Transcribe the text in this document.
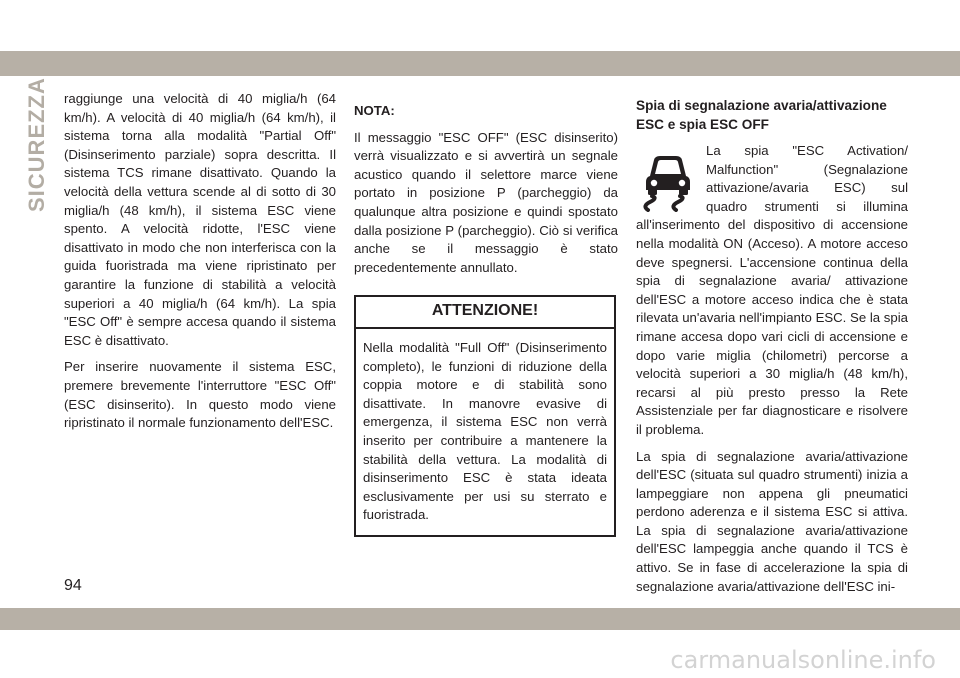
SICUREZZA raggiunge una velocità di 40 miglia/h (64 km/h). A velocità di 40 miglia/h (64 km/h), il sistema torna alla modalità "Partial Off" (Disinserimento parziale) sopra descritta. Il sistema TCS rimane disattivato. Quando la velocità della vettura scende al di sotto di 30 miglia/h (48 km/h), il sistema ESC viene spento. A velocità ridotte, l'ESC viene disattivato in modo che non interferisca con la guida fuoristrada ma viene ripristinato per garantire la funzione di stabilità a velocità superiori a 40 miglia/h (64 km/h). La spia "ESC Off" è sempre accesa quando il sistema ESC è disattivato.

Per inserire nuovamente il sistema ESC, premere brevemente l'interruttore "ESC Off" (ESC disinserito). In questo modo viene ripristinato il normale funzionamento dell'ESC.

NOTA:

Il messaggio "ESC OFF" (ESC disinserito) verrà visualizzato e si avvertirà un segnale acustico quando il selettore marce viene portato in posizione P (parcheggio) da qualunque altra posizione e quindi spostato dalla posizione P (parcheggio). Ciò si verifica anche se il messaggio è stato precedentemente annullato.

ATTENZIONE!
Nella modalità "Full Off" (Disinserimento completo), le funzioni di riduzione della coppia motore e di stabilità sono disattivate. In manovre evasive di emergenza, il sistema ESC non verrà inserito per contribuire a mantenere la stabilità della vettura. La modalità di disinserimento ESC è stata ideata esclusivamente per usi su sterrato e fuoristrada.

Spia di segnalazione avaria/attivazione ESC e spia ESC OFF

La spia "ESC Activation/ Malfunction" (Segnalazione attivazione/avaria ESC) sul quadro strumenti si illumina all'inserimento del dispositivo di accensione nella modalità ON (Acceso). A motore acceso deve spegnersi. L'accensione continua della spia di segnalazione avaria/ attivazione dell'ESC a motore acceso indica che è stata rilevata un'avaria nell'impianto ESC. Se la spia rimane accesa dopo vari cicli di accensione e dopo varie miglia (chilometri) percorse a velocità superiori a 30 miglia/h (48 km/h), recarsi al più presto presso la Rete Assistenziale per far diagnosticare e risolvere il problema.

La spia di segnalazione avaria/attivazione dell'ESC (situata sul quadro strumenti) inizia a lampeggiare non appena gli pneumatici perdono aderenza e il sistema ESC si attiva. La spia di segnalazione avaria/attivazione dell'ESC lampeggia anche quando il TCS è attivo. Se in fase di accelerazione la spia di segnalazione avaria/attivazione dell'ESC ini-

94
carmanualsonline.info
